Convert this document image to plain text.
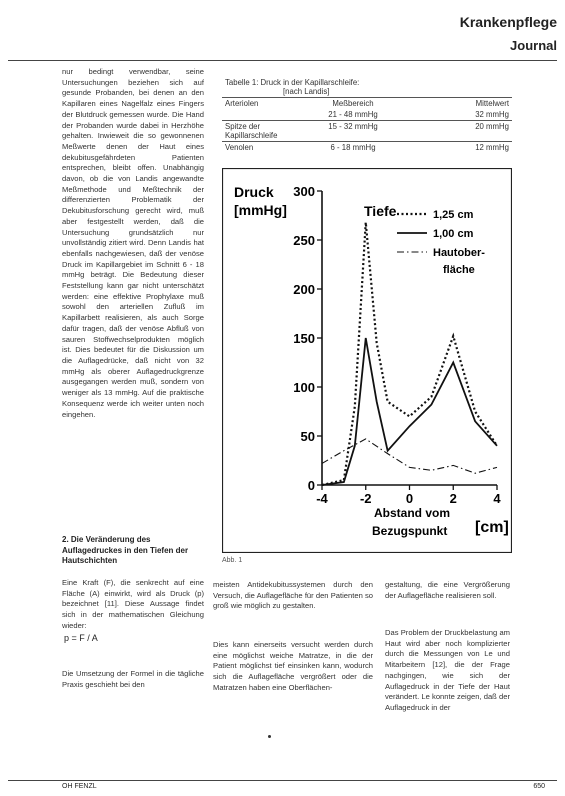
Krankenpflege
Journal

nur bedingt verwendbar, seine Untersuchungen beziehen sich auf gesunde Probanden, bei denen an den Kapillaren eines Nagelfalz eines Fingers der Blutdruck gemessen wurde. Die Hand der Probanden wurde dabei in Herzhöhe gehalten. Inwieweit die so gewonnenen Meßwerte denen der Haut eines dekubitusgefährdeten Patienten entsprechen, bleibt offen. Unabhängig davon, ob die von Landis angewandte Meßmethode und Meßtechnik der differenzierten Problematik der Dekubitusforschung gerecht wird, muß aber festgestellt werden, daß die Untersuchung grundsätzlich nur unvollständig zitiert wird. Denn Landis hat ebenfalls nachgewiesen, daß der venöse Druck im Kapillargebiet im Schnitt 6 - 18 mmHg beträgt. Die Bedeutung dieser Feststellung kann gar nicht unterschätzt werden: eine effektive Prophylaxe muß sowohl den arteriellen Zufluß im Kapillarbett realisieren, als auch Sorge dafür tragen, daß der venöse Abfluß von sauren Stoffwechselprodukten möglich ist. Dies bedeutet für die Diskussion um die Auflagedrücke, daß nicht von 32 mmHg als oberer Auflagedruckgrenze ausgegangen werden muß, sondern von weniger als 13 mmHg. Auf die praktische Konsequenz werde ich weiter unten noch eingehen.

2. Die Veränderung des Auflagedruckes in den Tiefen der Hautschichten
Eine Kraft (F), die senkrecht auf eine Fläche (A) einwirkt, wird als Druck (p) bezeichnet [11]. Diese Aussage findet sich in der mathematischen Gleichung wieder:
p = F / A
Die Umsetzung der Formel in die tägliche Praxis geschieht bei den
Tabelle 1: Druck in der Kapillarschleife:
[nach Landis]		
Arteriolen	Meßbereich	Mittelwert
	21 - 48 mmHg	32 mmHg
Spitze der Kapillarschleife	15 - 32 mmHg	20 mmHg
Venolen	6 - 18 mmHg	12 mmHg
Druck
[mmHg]	Tiefe
Abstand vom
Bezugspunkt [cm]
0
50
100
150
200
250
300
-4 -2	0	2	4
1,25 cm
1,00 cm
Hautober-
fläche
Abb. 1
meisten Antidekubitussystemen durch den Versuch, die Auflagefläche für den Patienten so groß wie möglich zu gestalten.
Dies kann einerseits versucht werden durch eine möglichst weiche Matratze, in die der Patient möglichst tief einsinken kann, wodurch sich die Auflagefläche vergrößert oder die Matratzen haben eine Oberflächen-
gestaltung, die eine Vergrößerung der Auflagefläche realisieren soll.
Das Problem der Druckbelastung am Haut wird aber noch komplizierter durch die Messungen von Le und Mitarbeitern [12], die der Frage nachgingen, wie sich der Auflagedruck in der Tiefe der Haut verändert. Le konnte zeigen, daß der Auflagedruck in der
OH FENZL	650
